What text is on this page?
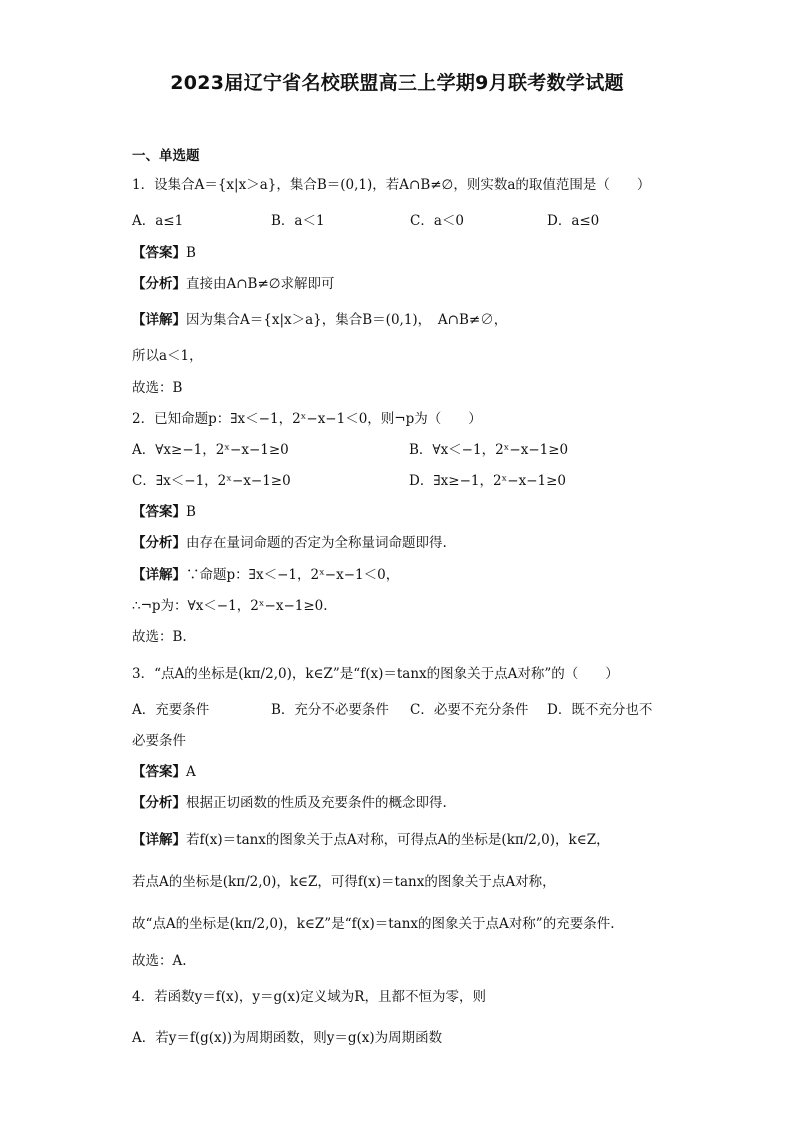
2023届辽宁省名校联盟高三上学期9月联考数学试题
一、单选题
1．设集合A＝{x|x＞a}，集合B＝(0,1)，若A∩B≠∅，则实数a的取值范围是（　　）
A．a≤1	B．a＜1	C．a＜0	D．a≤0
【答案】B
【分析】直接由A∩B≠∅求解即可
【详解】因为集合A＝{x|x＞a}，集合B＝(0,1)，　A∩B≠∅，
所以a＜1，
故选：B
2．已知命题p：∃x＜−1，2ˣ−x−1＜0，则¬p为（　　）
A．∀x≥−1，2ˣ−x−1≥0	B．∀x＜−1，2ˣ−x−1≥0
C．∃x＜−1，2ˣ−x−1≥0	D．∃x≥−1，2ˣ−x−1≥0
【答案】B
【分析】由存在量词命题的否定为全称量词命题即得.
【详解】∵命题p：∃x＜−1，2ˣ−x−1＜0，
∴¬p为：∀x＜−1，2ˣ−x−1≥0.
故选：B.
3．“点A的坐标是(kπ/2,0)，k∈Z”是“f(x)＝tanx的图象关于点A对称”的（　　）
A．充要条件	B．充分不必要条件 C．必要不充分条件 D．既不充分也不
必要条件
【答案】A
【分析】根据正切函数的性质及充要条件的概念即得.
【详解】若f(x)＝tanx的图象关于点A对称，可得点A的坐标是(kπ/2,0)，k∈Z，
若点A的坐标是(kπ/2,0)，k∈Z，可得f(x)＝tanx的图象关于点A对称，
故“点A的坐标是(kπ/2,0)，k∈Z”是“f(x)＝tanx的图象关于点A对称”的充要条件.
故选：A.
4．若函数y＝f(x)，y＝g(x)定义域为R，且都不恒为零，则
A．若y＝f(g(x))为周期函数，则y＝g(x)为周期函数
